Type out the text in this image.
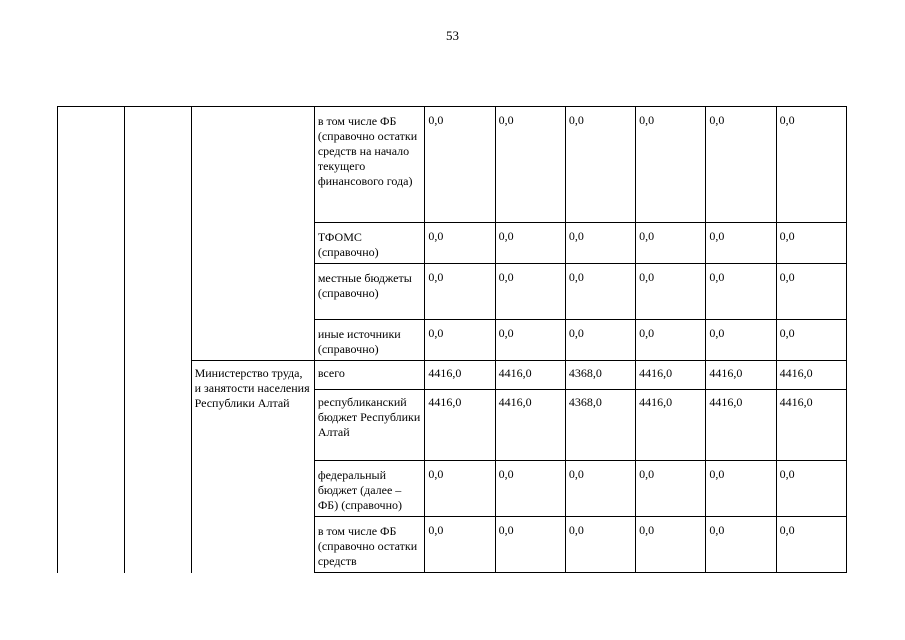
53
			в том числе ФБ (справочно остатки средств на начало текущего финансового года)	0,0	0,0	0,0	0,0	0,0	0,0
			ТФОМС (справочно)	0,0	0,0	0,0	0,0	0,0	0,0
			местные бюджеты (справочно)	0,0	0,0	0,0	0,0	0,0	0,0
			иные источники (справочно)	0,0	0,0	0,0	0,0	0,0	0,0
		Министерство труда, и занятости населения Республики Алтай	всего	4416,0	4416,0	4368,0	4416,0	4416,0	4416,0
			республиканский бюджет Республики Алтай	4416,0	4416,0	4368,0	4416,0	4416,0	4416,0
			федеральный бюджет (далее – ФБ) (справочно)	0,0	0,0	0,0	0,0	0,0	0,0
			в том числе ФБ (справочно остатки средств	0,0	0,0	0,0	0,0	0,0	0,0
